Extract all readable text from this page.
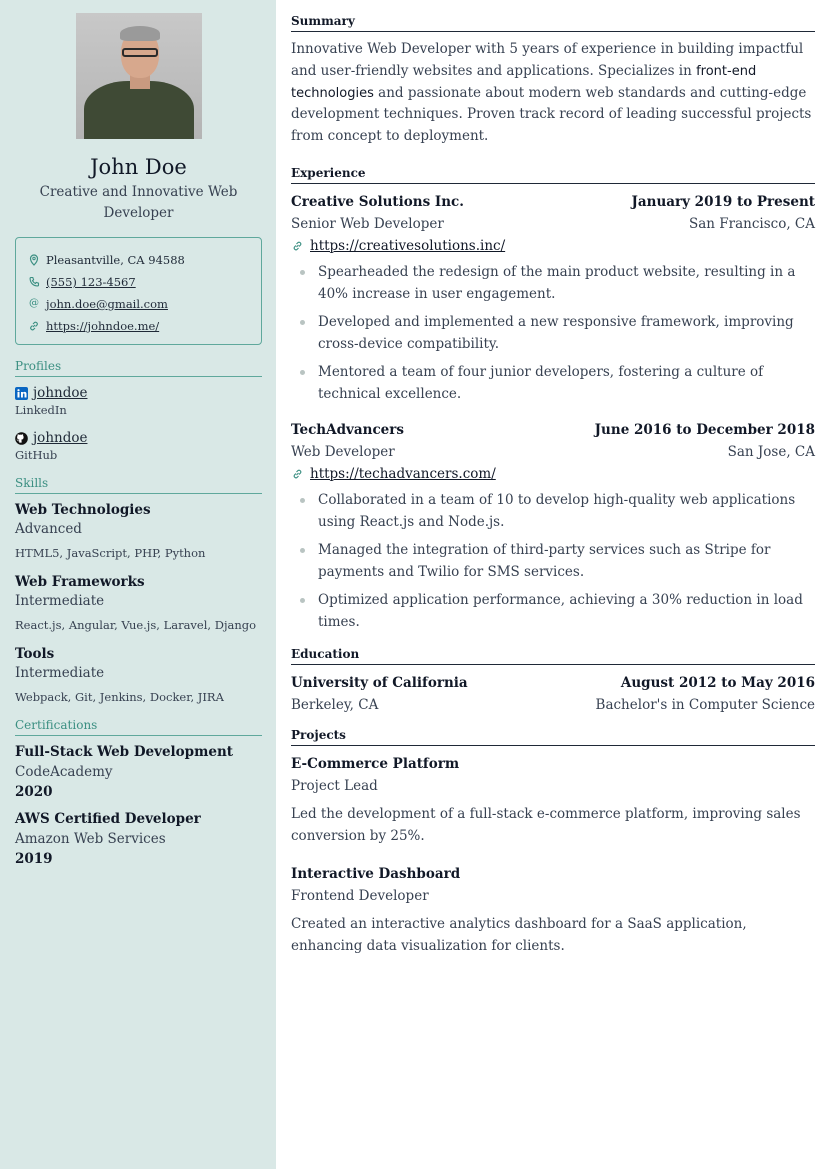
John Doe
Creative and Innovative Web Developer
Pleasantville, CA 94588
(555) 123-4567
@ john.doe@gmail.com
https://johndoe.me/
Profiles
johndoe
LinkedIn
johndoe
GitHub
Skills
Web Technologies
Advanced
HTML5, JavaScript, PHP, Python
Web Frameworks
Intermediate
React.js, Angular, Vue.js, Laravel, Django
Tools
Intermediate
Webpack, Git, Jenkins, Docker, JIRA
Certifications
Full-Stack Web Development
CodeAcademy
2020
AWS Certified Developer
Amazon Web Services
2019
Summary

Innovative Web Developer with 5 years of experience in building impactful and user-friendly websites and applications. Specializes in front-end technologies and passionate about modern web standards and cutting-edge development techniques. Proven track record of leading successful projects from concept to deployment.

Experience
Creative Solutions Inc.	January 2019 to Present
Senior Web Developer	San Francisco, CA
https://creativesolutions.inc/
Spearheaded the redesign of the main product website, resulting in a 40% increase in user engagement.
Developed and implemented a new responsive framework, improving cross-device compatibility.
Mentored a team of four junior developers, fostering a culture of technical excellence.
TechAdvancers	June 2016 to December 2018
Web Developer	San Jose, CA
https://techadvancers.com/
Collaborated in a team of 10 to develop high-quality web applications using React.js and Node.js.
Managed the integration of third-party services such as Stripe for payments and Twilio for SMS services.
Optimized application performance, achieving a 30% reduction in load times.
Education
University of California	August 2012 to May 2016
Berkeley, CA	Bachelor's in Computer Science
Projects
E-Commerce Platform
Project Lead
Led the development of a full-stack e-commerce platform, improving sales conversion by 25%.
Interactive Dashboard
Frontend Developer
Created an interactive analytics dashboard for a SaaS application, enhancing data visualization for clients.
